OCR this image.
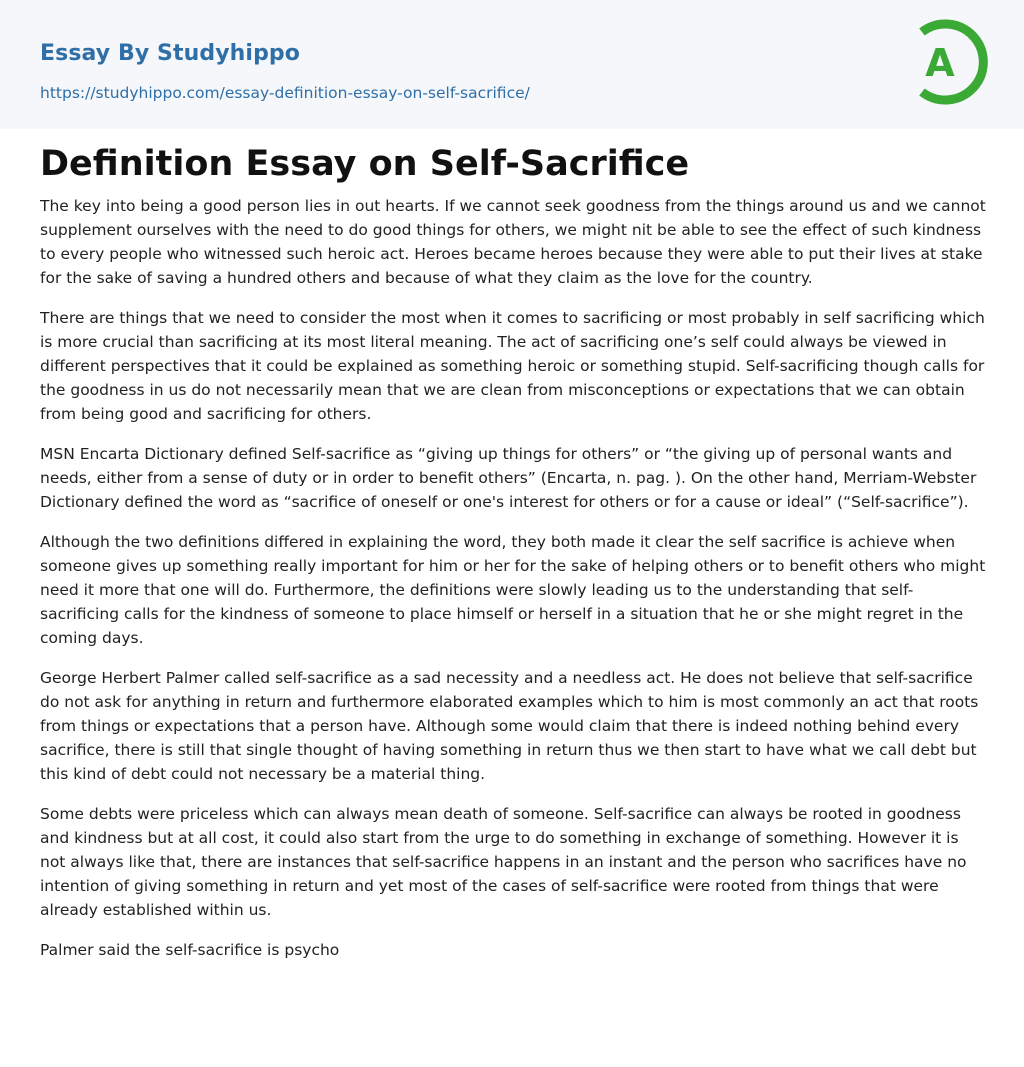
Essay By Studyhippo
https://studyhippo.com/essay-definition-essay-on-self-sacrifice/
A
Definition Essay on Self-Sacrifice

The key into being a good person lies in out hearts. If we cannot seek goodness from the things around us and we cannot supplement ourselves with the need to do good things for others, we might nit be able to see the effect of such kindness to every people who witnessed such heroic act. Heroes became heroes because they were able to put their lives at stake for the sake of saving a hundred others and because of what they claim as the love for the country.

There are things that we need to consider the most when it comes to sacrificing or most probably in self sacrificing which is more crucial than sacrificing at its most literal meaning. The act of sacrificing one’s self could always be viewed in different perspectives that it could be explained as something heroic or something stupid. Self-sacrificing though calls for the goodness in us do not necessarily mean that we are clean from misconceptions or expectations that we can obtain from being good and sacrificing for others.

MSN Encarta Dictionary defined Self-sacrifice as “giving up things for others” or “the giving up of personal wants and needs, either from a sense of duty or in order to benefit others” (Encarta, n. pag. ). On the other hand, Merriam-Webster Dictionary defined the word as “sacrifice of oneself or one's interest for others or for a cause or ideal” (“Self-sacrifice”).

Although the two definitions differed in explaining the word, they both made it clear the self sacrifice is achieve when someone gives up something really important for him or her for the sake of helping others or to benefit others who might need it more that one will do. Furthermore, the definitions were slowly leading us to the understanding that self-sacrificing calls for the kindness of someone to place himself or herself in a situation that he or she might regret in the coming days.

George Herbert Palmer called self-sacrifice as a sad necessity and a needless act. He does not believe that self-sacrifice do not ask for anything in return and furthermore elaborated examples which to him is most commonly an act that roots from things or expectations that a person have. Although some would claim that there is indeed nothing behind every sacrifice, there is still that single thought of having something in return thus we then start to have what we call debt but this kind of debt could not necessary be a material thing.

Some debts were priceless which can always mean death of someone. Self-sacrifice can always be rooted in goodness and kindness but at all cost, it could also start from the urge to do something in exchange of something. However it is not always like that, there are instances that self-sacrifice happens in an instant and the person who sacrifices have no intention of giving something in return and yet most of the cases of self-sacrifice were rooted from things that were already established within us.

Palmer said the self-sacrifice is psycho
